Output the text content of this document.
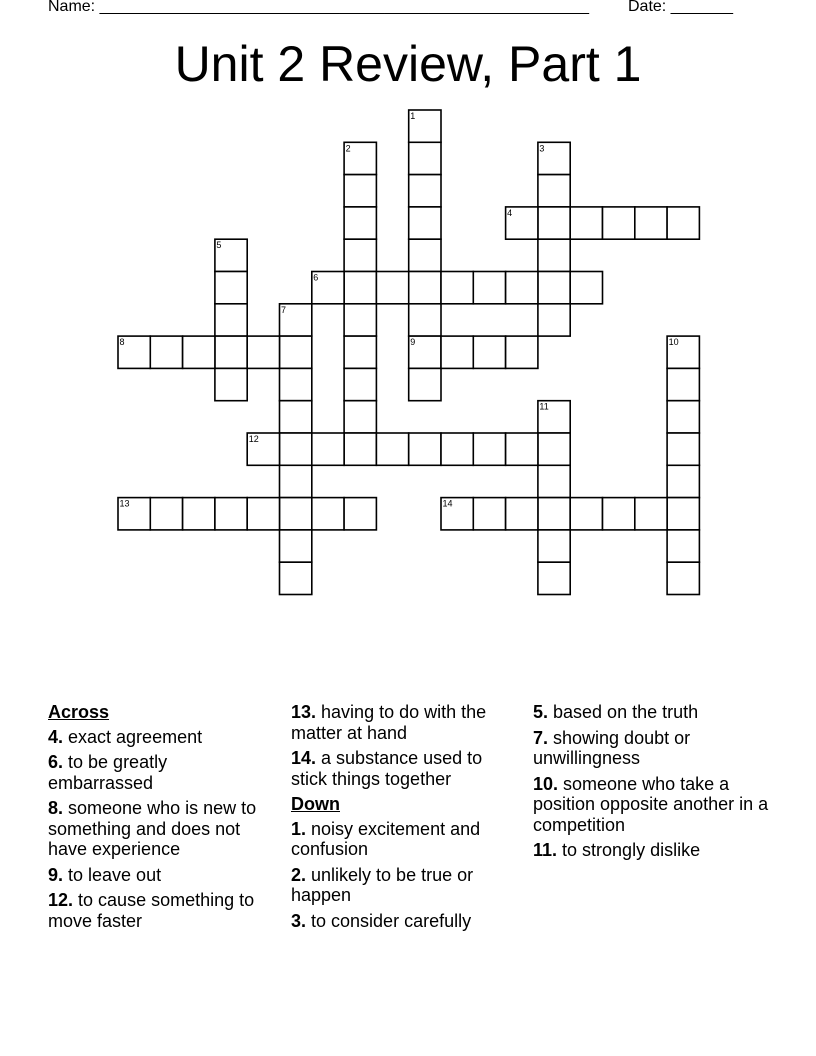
Name: _______________________________________________________ Date: _______
Unit 2 Review, Part 1
1
2	3
4
5
6
7
8	9	10
11
12
13	14
Across
4. exact agreement
6. to be greatly embarrassed
8. someone who is new to something and does not have experience
9. to leave out
12. to cause something to move faster
13. having to do with the matter at hand
14. a substance used to stick things together
Down
1. noisy excitement and confusion
2. unlikely to be true or happen
3. to consider carefully
5. based on the truth
7. showing doubt or unwillingness
10. someone who take a position opposite another in a competition
11. to strongly dislike
